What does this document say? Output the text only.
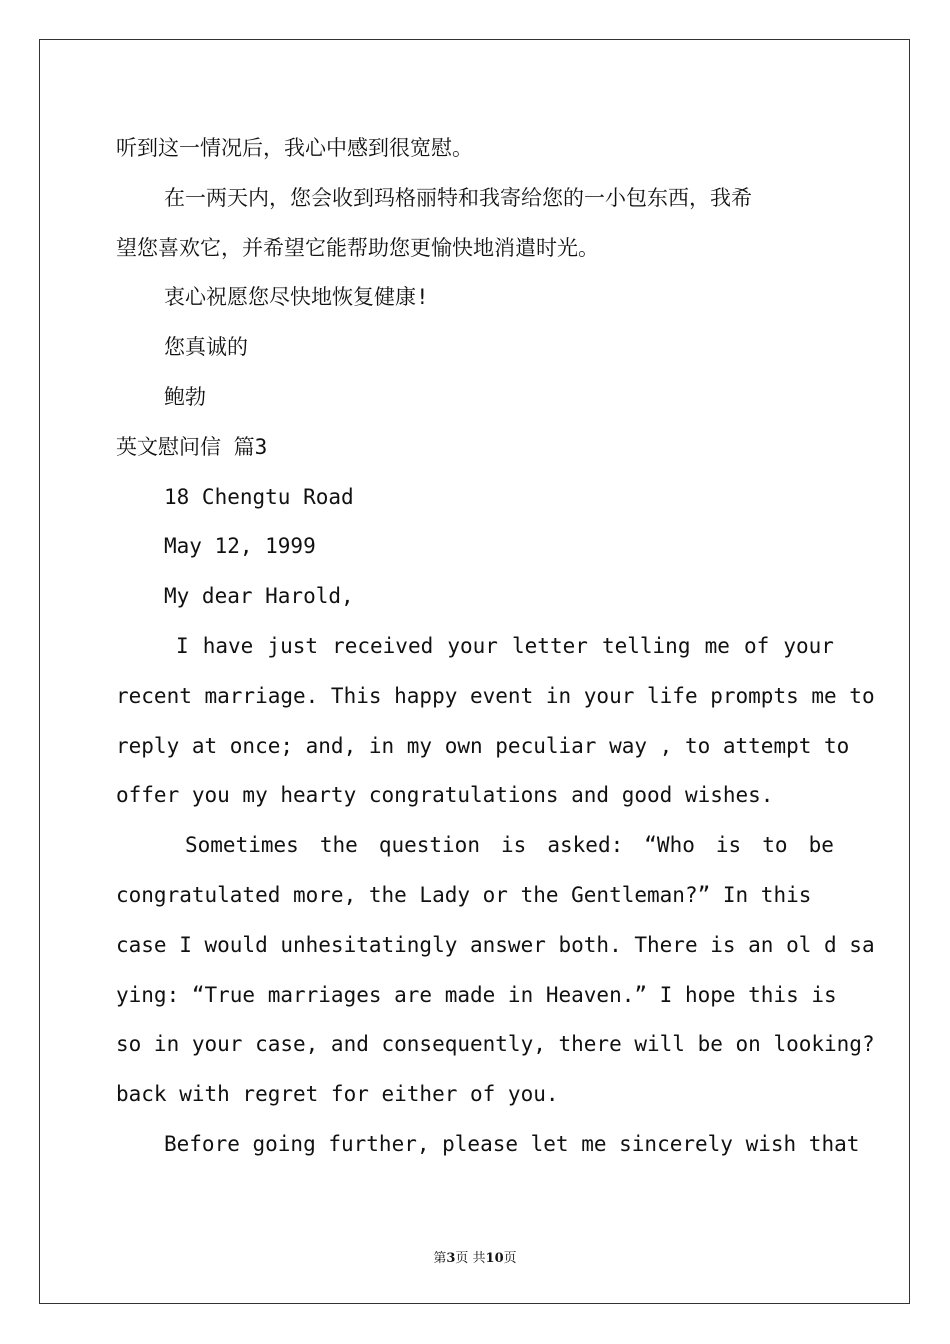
听到这一情况后，我心中感到很宽慰。
在一两天内，您会收到玛格丽特和我寄给您的一小包东西，我希
望您喜欢它，并希望它能帮助您更愉快地消遣时光。
衷心祝愿您尽快地恢复健康!
您真诚的
鲍勃
英文慰问信 篇3
18 Chengtu Road
May 12, 1999
My dear Harold,
I have just received your letter telling me of your
recent marriage. This happy event in your life prompts me to
reply at once; and, in my own peculiar way , to attempt to
offer you my hearty congratulations and good wishes.
Sometimes the question is asked: “Who is to be
congratulated more, the Lady or the Gentleman?” In this
case I would unhesitatingly answer both. There is an ol d sa
ying: “True marriages are made in Heaven.” I hope this is
so in your case, and consequently, there will be on looking?
back with regret for either of you.
Before going further, please let me sincerely wish that
第3页 共10页
